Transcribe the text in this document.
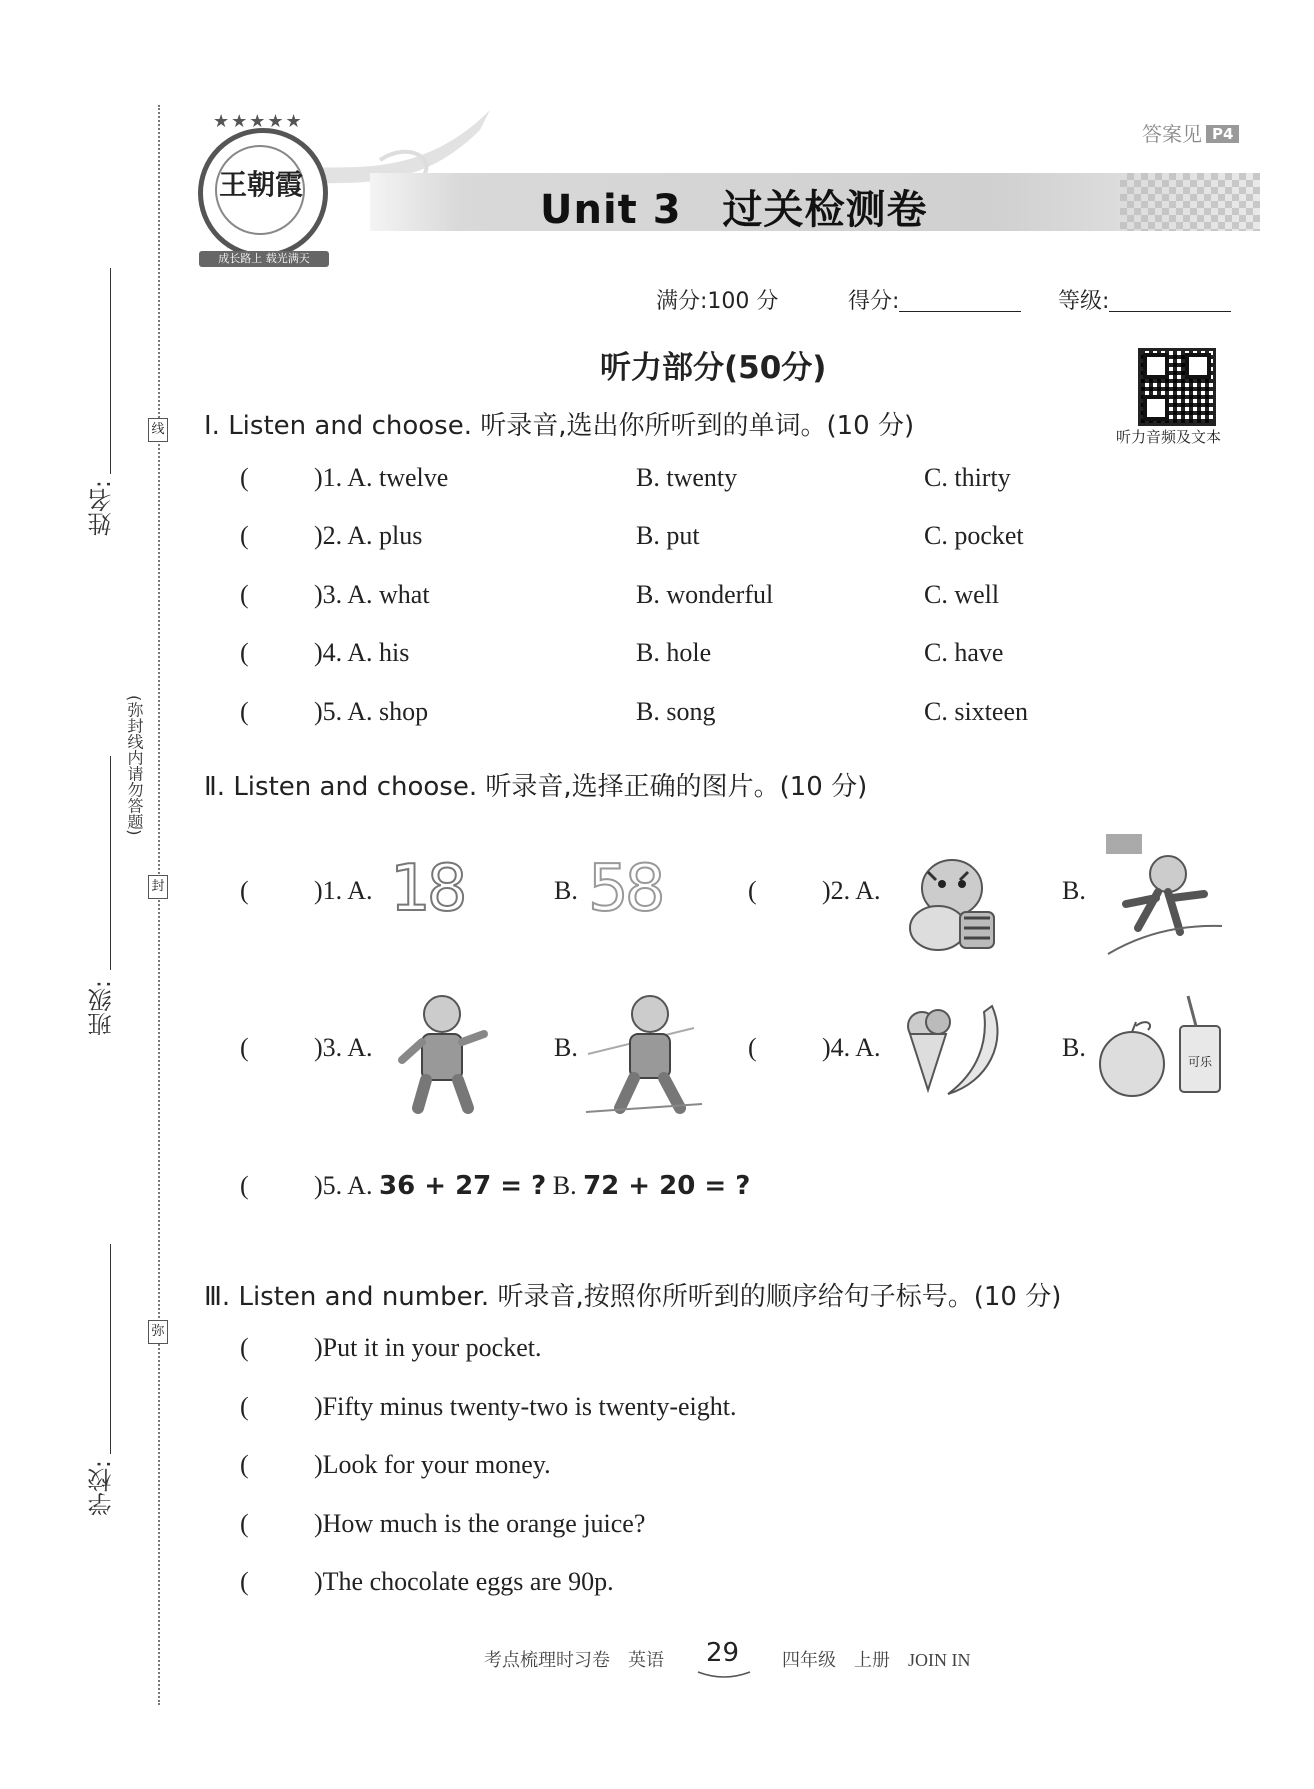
线
封
弥
(弥封线内请勿答题)
姓名:
班级:
学校:
Unit 3　过关检测卷
答案见 P4
★★★★★
王朝霞
成长路上 载光满天
满分:100 分	得分:	等级:
听力部分(50分)
听力音频及文本
Ⅰ. Listen and choose. 听录音,选出你所听到的单词。(10 分)
(	)1. A. twelve	B. twenty	C. thirty
(	)2. A. plus	B. put	C. pocket
(	)3. A. what	B. wonderful	C. well
(	)4. A. his	B. hole	C. have
(	)5. A. shop	B. song	C. sixteen
Ⅱ. Listen and choose. 听录音,选择正确的图片。(10 分)
(	)1. A. 18	B. 58	(	)2. A.	B.
(	)3. A.	B.	(	)4. A.	B.	可乐
(	)5. A. 36 + 27 = ? B. 72 + 20 = ?
Ⅲ. Listen and number. 听录音,按照你所听到的顺序给句子标号。(10 分)
(	)Put it in your pocket.
(	)Fifty minus twenty-two is twenty-eight.
(	)Look for your money.
(	)How much is the orange juice?
(	)The chocolate eggs are 90p.
考点梳理时习卷　英语 29 四年级　上册　JOIN IN
